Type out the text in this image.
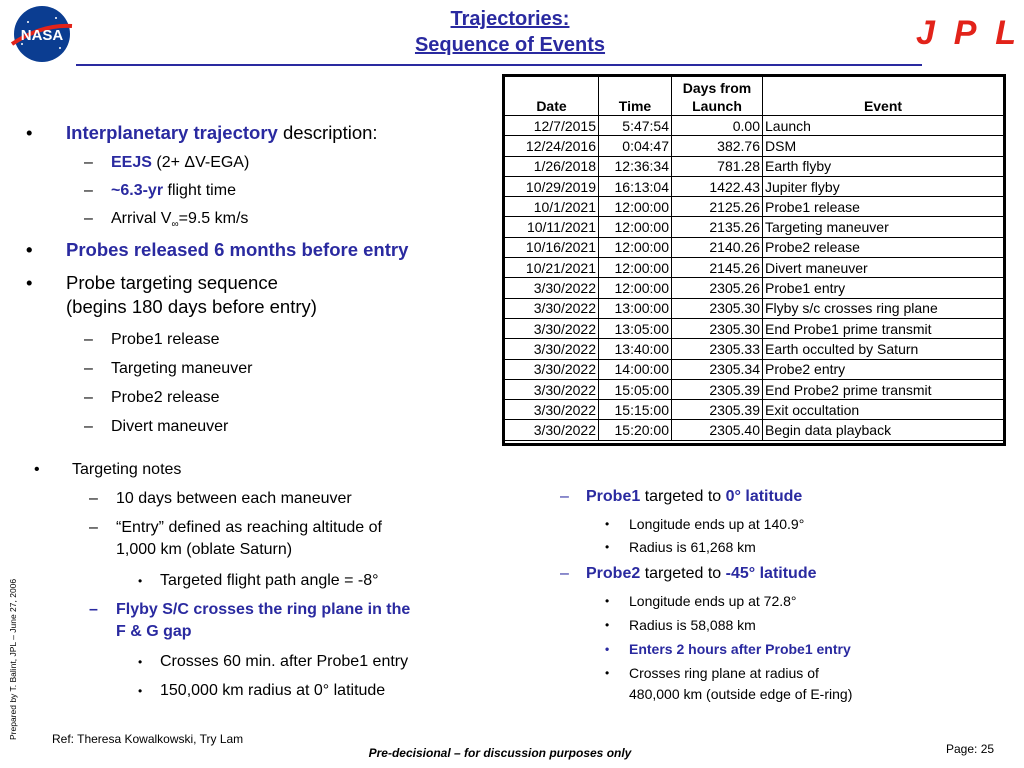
NASA
Trajectories:
Sequence of Events	JPL
Prepared by T. Balint, JPL – June 27, 2006
• Interplanetary trajectory description:
– EEJS (2+ ΔV-EGA)
– ~6.3-yr flight time
– Arrival $V_\infty=9.5$ km/s
• Probes released 6 months before entry
• Probe targeting sequence
(begins 180 days before entry)
– Probe1 release
– Targeting maneuver
– Probe2 release
– Divert maneuver
• Targeting notes
– 10 days between each maneuver
– “Entry” defined as reaching altitude of
1,000 km (oblate Saturn)
• Targeted flight path angle = -8°
– Flyby S/C crosses the ring plane in the
F & G gap
• Crosses 60 min. after Probe1 entry
• 150,000 km radius at 0° latitude
– Probe1 targeted to 0° latitude
• Longitude ends up at 140.9°
• Radius is 61,268 km
– Probe2 targeted to -45° latitude
• Longitude ends up at 72.8°
• Radius is 58,088 km
• Enters 2 hours after Probe1 entry
• Crosses ring plane at radius of
480,000 km (outside edge of E-ring)
Date	Time	Days from
Launch	Event
12/7/2015	5:47:54	0.00	Launch
12/24/2016	0:04:47	382.76	DSM
1/26/2018	12:36:34	781.28	Earth flyby
10/29/2019	16:13:04	1422.43	Jupiter flyby
10/1/2021	12:00:00	2125.26	Probe1 release
10/11/2021	12:00:00	2135.26	Targeting maneuver
10/16/2021	12:00:00	2140.26	Probe2 release
10/21/2021	12:00:00	2145.26	Divert maneuver
3/30/2022	12:00:00	2305.26	Probe1 entry
3/30/2022	13:00:00	2305.30	Flyby s/c crosses ring plane
3/30/2022	13:05:00	2305.30	End Probe1 prime transmit
3/30/2022	13:40:00	2305.33	Earth occulted by Saturn
3/30/2022	14:00:00	2305.34	Probe2 entry
3/30/2022	15:05:00	2305.39	End Probe2 prime transmit
3/30/2022	15:15:00	2305.39	Exit occultation
3/30/2022	15:20:00	2305.40	Begin data playback
Ref: Theresa Kowalkowski, Try Lam
Pre-decisional – for discussion purposes only	Page: 25
